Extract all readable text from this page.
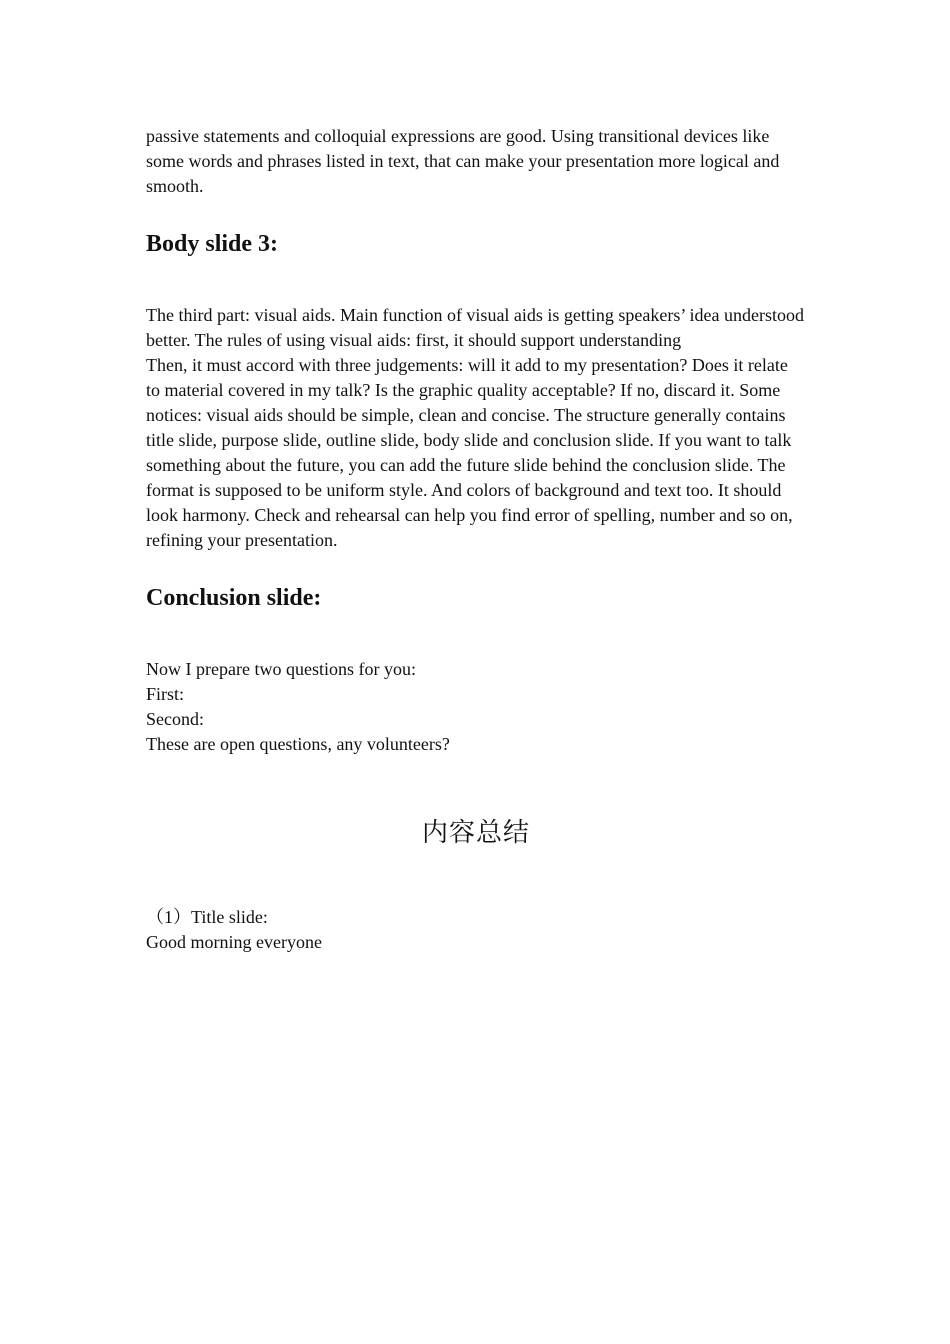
passive statements and colloquial expressions are good. Using transitional devices like some words and phrases listed in text, that can make your presentation more logical and smooth.

Body slide 3:

The third part: visual aids. Main function of visual aids is getting speakers’ idea understood better. The rules of using visual aids: first, it should support understanding

Then, it must accord with three judgements: will it add to my presentation? Does it relate to material covered in my talk? Is the graphic quality acceptable? If no, discard it. Some notices: visual aids should be simple, clean and concise. The structure generally contains title slide, purpose slide, outline slide, body slide and conclusion slide. If you want to talk something about the future, you can add the future slide behind the conclusion slide. The format is supposed to be uniform style. And colors of background and text too. It should look harmony. Check and rehearsal can help you find error of spelling, number and so on, refining your presentation.

Conclusion slide:

Now I prepare two questions for you:

First:

Second:

These are open questions, any volunteers?

内容总结

（1）Title slide:

Good morning everyone
